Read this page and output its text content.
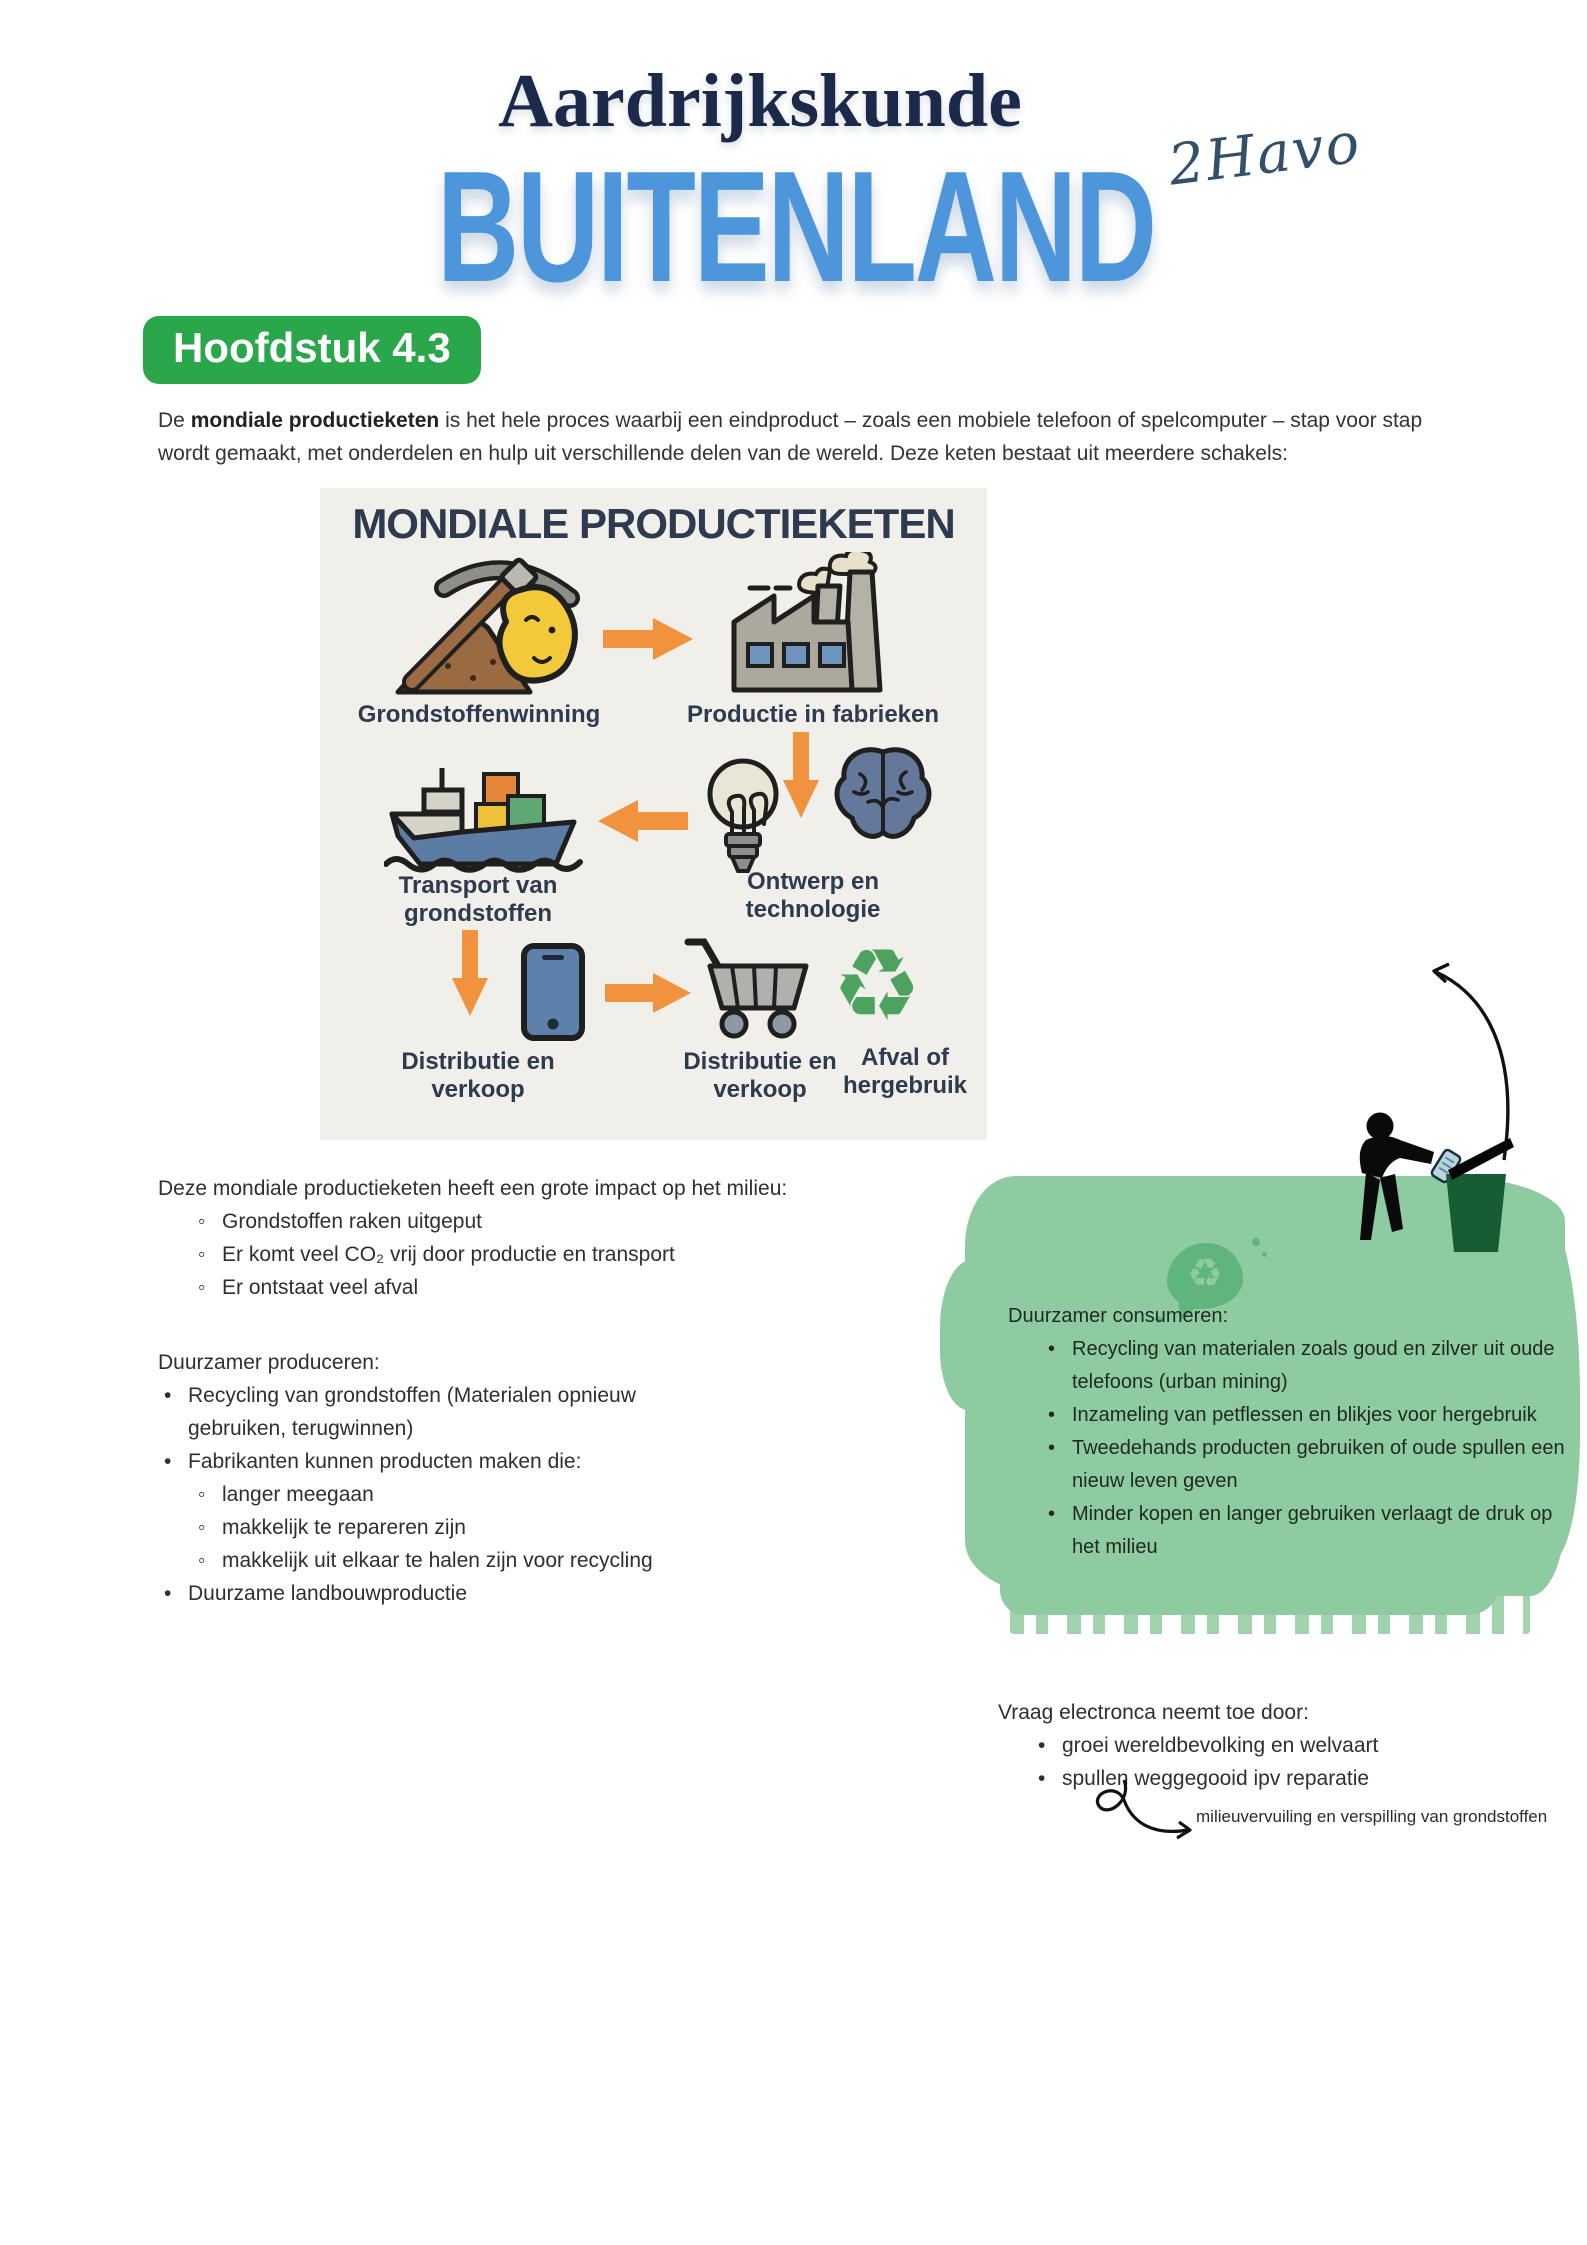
Aardrijkskunde
BUITENLAND 2Havo
Hoofdstuk 4.3

De mondiale productieketen is het hele proces waarbij een eindproduct – zoals een mobiele telefoon of spelcomputer – stap voor stap wordt gemaakt, met onderdelen en hulp uit verschillende delen van de wereld. Deze keten bestaat uit meerdere schakels:

MONDIALE PRODUCTIEKETEN
Grondstoffenwinning	Productie in fabrieken
Transport van grondstoffen
Ontwerp en technologie
Distributie en verkoop
Distributie en verkoop
♻
Afval of hergebruik
Deze mondiale productieketen heeft een grote impact op het milieu:
◦ Grondstoffen raken uitgeput
◦ Er komt veel CO₂ vrij door productie en transport
◦ Er ontstaat veel afval
Duurzamer produceren:
• Recycling van grondstoffen (Materialen opnieuw gebruiken, terugwinnen)
• Fabrikanten kunnen producten maken die:
◦ langer meegaan
◦ makkelijk te repareren zijn
◦ makkelijk uit elkaar te halen zijn voor recycling
• Duurzame landbouwproductie
♻
Duurzamer consumeren:
• Recycling van materialen zoals goud en zilver uit oude telefoons (urban mining)
• Inzameling van petflessen en blikjes voor hergebruik
• Tweedehands producten gebruiken of oude spullen een nieuw leven geven
• Minder kopen en langer gebruiken verlaagt de druk op het milieu
Vraag electronca neemt toe door:
• groei wereldbevolking en welvaart
• spullen weggegooid ipv reparatie
milieuvervuiling en verspilling van grondstoffen
